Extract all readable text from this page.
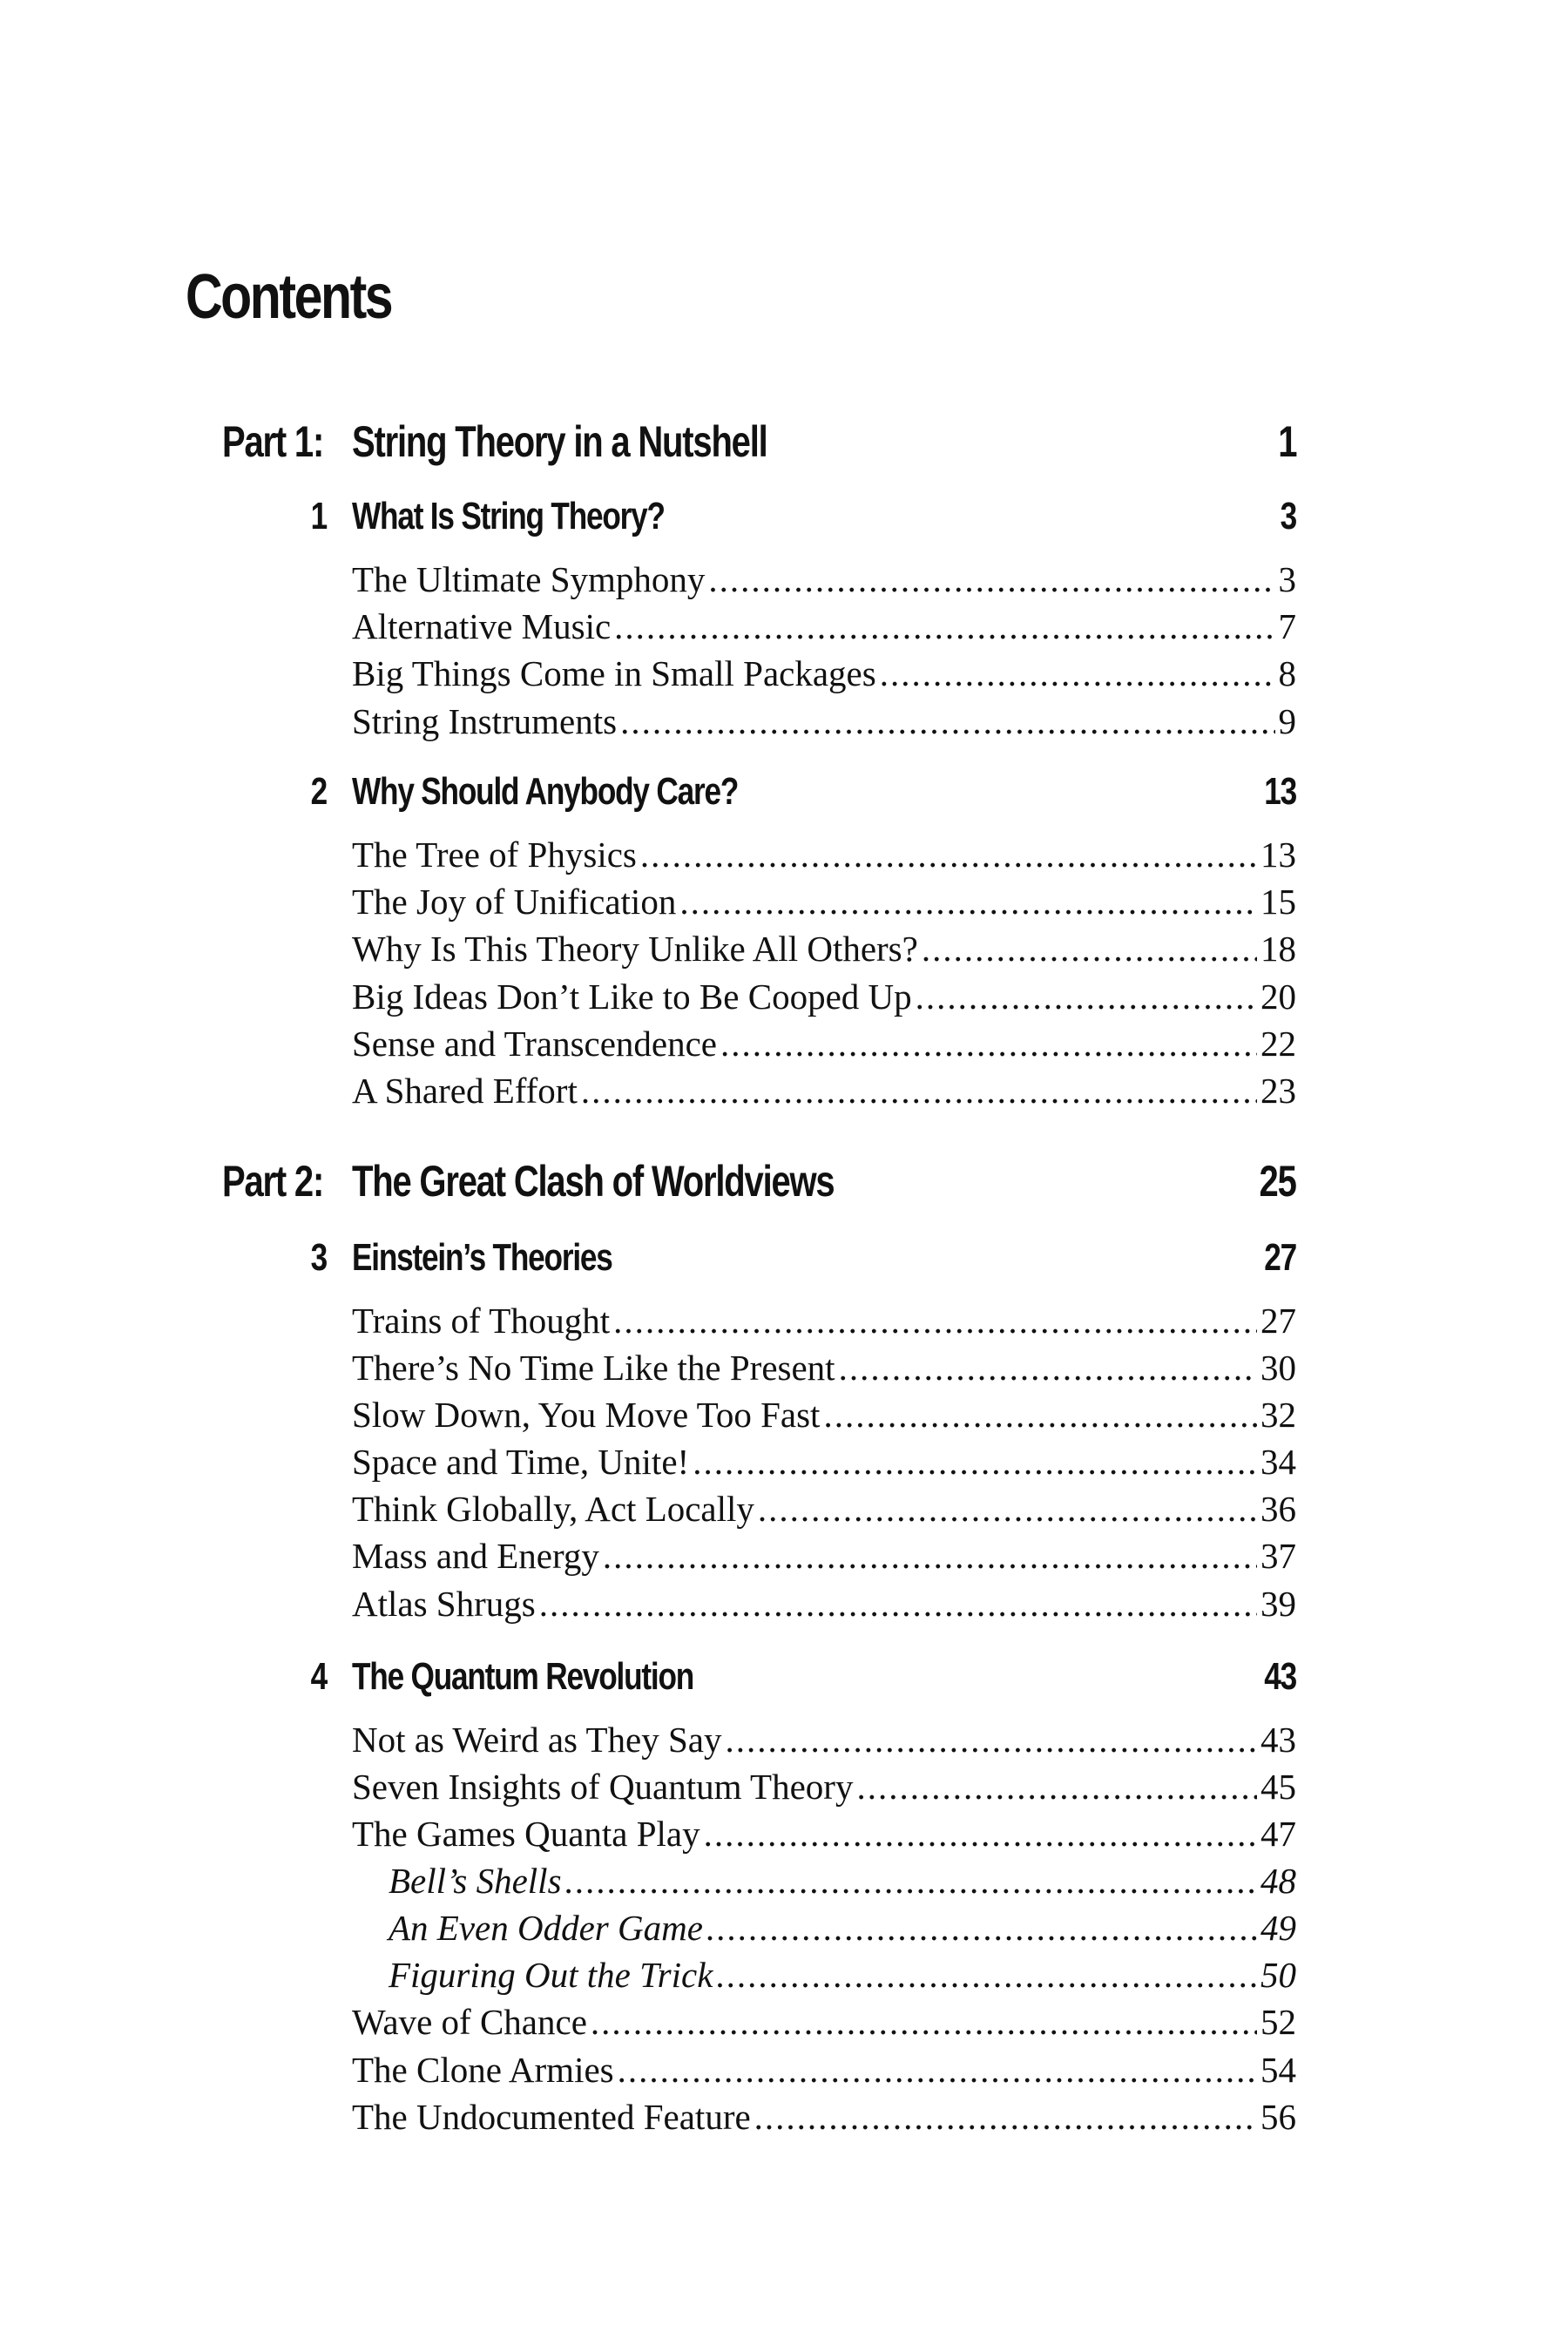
Contents
Part 1: String Theory in a Nutshell	1
1 What Is String Theory?	3
The Ultimate Symphony .....	3
Alternative Music .....	7
Big Things Come in Small Packages .....	8
String Instruments .....	9
2 Why Should Anybody Care?	13
The Tree of Physics .....	13
The Joy of Unification .....	15
Why Is This Theory Unlike All Others? .....	18
Big Ideas Don’t Like to Be Cooped Up .....	20
Sense and Transcendence .....	22
A Shared Effort .....	23
Part 2: The Great Clash of Worldviews	25
3 Einstein’s Theories	27
Trains of Thought .....	27
There’s No Time Like the Present .....	30
Slow Down, You Move Too Fast .....	32
Space and Time, Unite! .....	34
Think Globally, Act Locally .....	36
Mass and Energy .....	37
Atlas Shrugs .....	39
4 The Quantum Revolution	43
Not as Weird as They Say .....	43
Seven Insights of Quantum Theory .....	45
The Games Quanta Play .....	47
Bell’s Shells .....	48
An Even Odder Game .....	49
Figuring Out the Trick .....	50
Wave of Chance .....	52
The Clone Armies .....	54
The Undocumented Feature .....	56
